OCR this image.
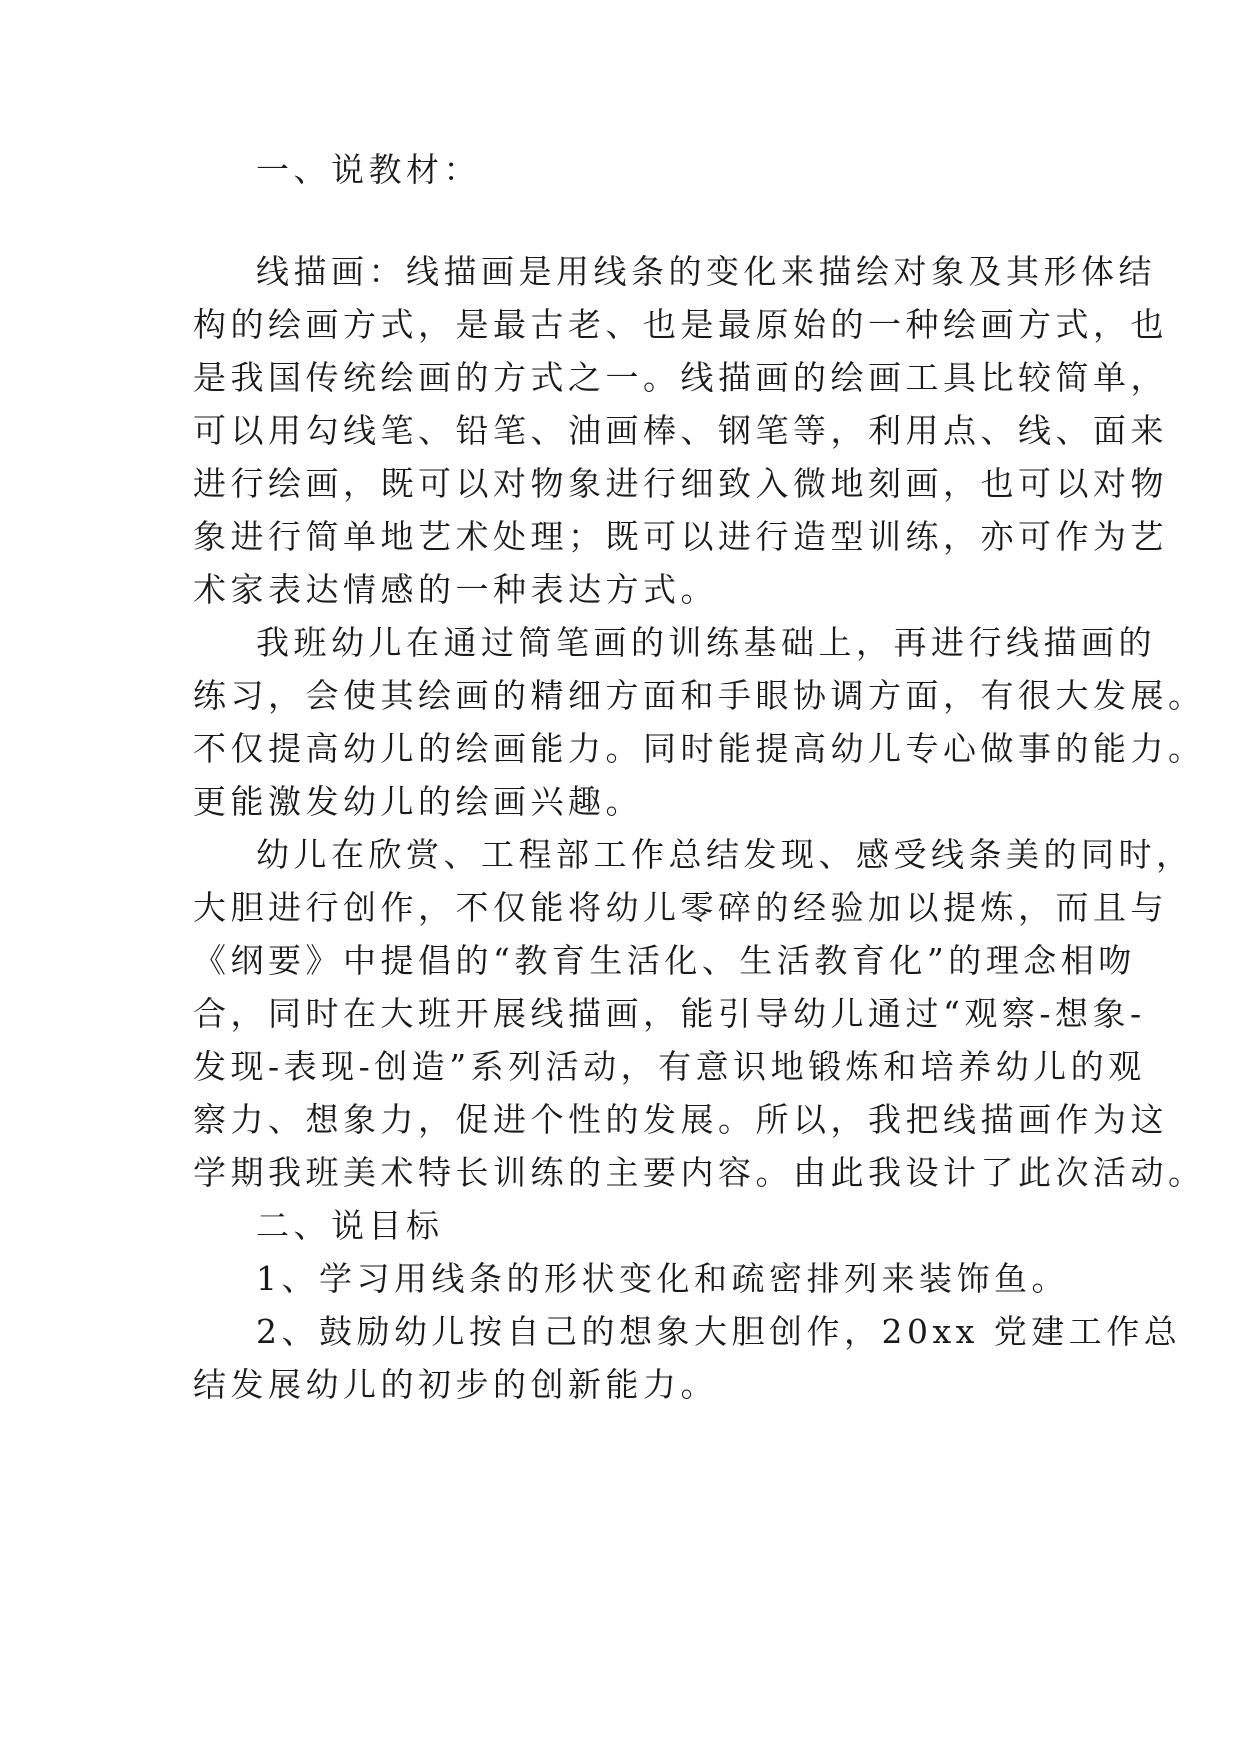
一、说教材：
线描画：线描画是用线条的变化来描绘对象及其形体结
构的绘画方式，是最古老、也是最原始的一种绘画方式，也
是我国传统绘画的方式之一。线描画的绘画工具比较简单，
可以用勾线笔、铅笔、油画棒、钢笔等，利用点、线、面来
进行绘画，既可以对物象进行细致入微地刻画，也可以对物
象进行简单地艺术处理；既可以进行造型训练，亦可作为艺
术家表达情感的一种表达方式。
我班幼儿在通过简笔画的训练基础上，再进行线描画的
练习，会使其绘画的精细方面和手眼协调方面，有很大发展。
不仅提高幼儿的绘画能力。同时能提高幼儿专心做事的能力。
更能激发幼儿的绘画兴趣。
幼儿在欣赏、工程部工作总结发现、感受线条美的同时，
大胆进行创作，不仅能将幼儿零碎的经验加以提炼，而且与
《纲要》中提倡的“教育生活化、生活教育化”的理念相吻
合，同时在大班开展线描画，能引导幼儿通过“观察-想象-
发现-表现-创造”系列活动，有意识地锻炼和培养幼儿的观
察力、想象力，促进个性的发展。所以，我把线描画作为这
学期我班美术特长训练的主要内容。由此我设计了此次活动。
二、说目标
1、学习用线条的形状变化和疏密排列来装饰鱼。
2、鼓励幼儿按自己的想象大胆创作，20xx 党建工作总
结发展幼儿的初步的创新能力。
